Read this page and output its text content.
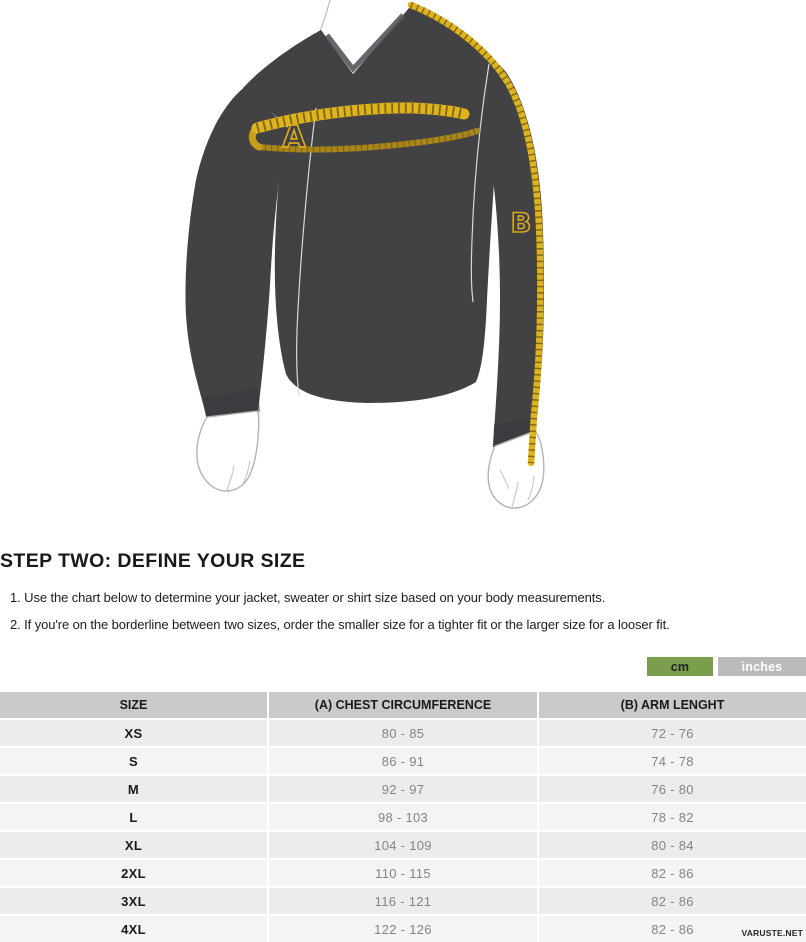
A
B
STEP TWO: DEFINE YOUR SIZE

1. Use the chart below to determine your jacket, sweater or shirt size based on your body measurements.

2. If you're on the borderline between two sizes, order the smaller size for a tighter fit or the larger size for a looser fit.

cm	inches
SIZE	(A) CHEST CIRCUMFERENCE	(B) ARM LENGHT
XS	80 - 85	72 - 76
S	86 - 91	74 - 78
M	92 - 97	76 - 80
L	98 - 103	78 - 82
XL	104 - 109	80 - 84
2XL	110 - 115	82 - 86
3XL	116 - 121	82 - 86
4XL	122 - 126	82 - 86	VARUSTE.NET
